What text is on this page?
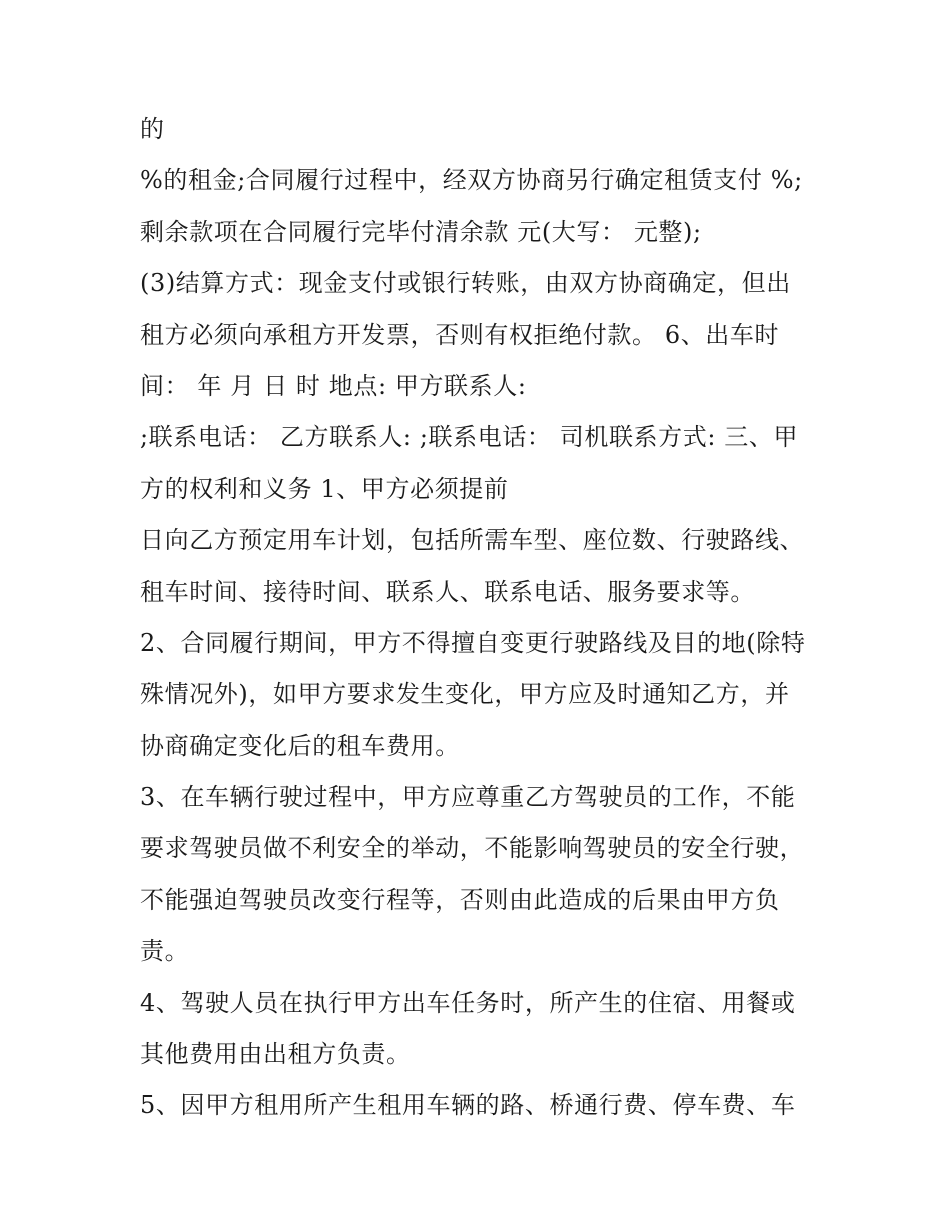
的
%的租金;合同履行过程中，经双方协商另行确定租赁支付 %;
剩余款项在合同履行完毕付清余款 元(大写： 元整);
(3)结算方式：现金支付或银行转账，由双方协商确定，但出
租方必须向承租方开发票，否则有权拒绝付款。 6、出车时
间： 年 月 日 时 地点: 甲方联系人:
;联系电话： 乙方联系人: ;联系电话： 司机联系方式: 三、甲
方的权利和义务 1、甲方必须提前
日向乙方预定用车计划，包括所需车型、座位数、行驶路线、
租车时间、接待时间、联系人、联系电话、服务要求等。
2、合同履行期间，甲方不得擅自变更行驶路线及目的地(除特
殊情况外)，如甲方要求发生变化，甲方应及时通知乙方，并
协商确定变化后的租车费用。
3、在车辆行驶过程中，甲方应尊重乙方驾驶员的工作，不能
要求驾驶员做不利安全的举动，不能影响驾驶员的安全行驶，
不能强迫驾驶员改变行程等，否则由此造成的后果由甲方负
责。
4、驾驶人员在执行甲方出车任务时，所产生的住宿、用餐或
其他费用由出租方负责。
5、因甲方租用所产生租用车辆的路、桥通行费、停车费、车
